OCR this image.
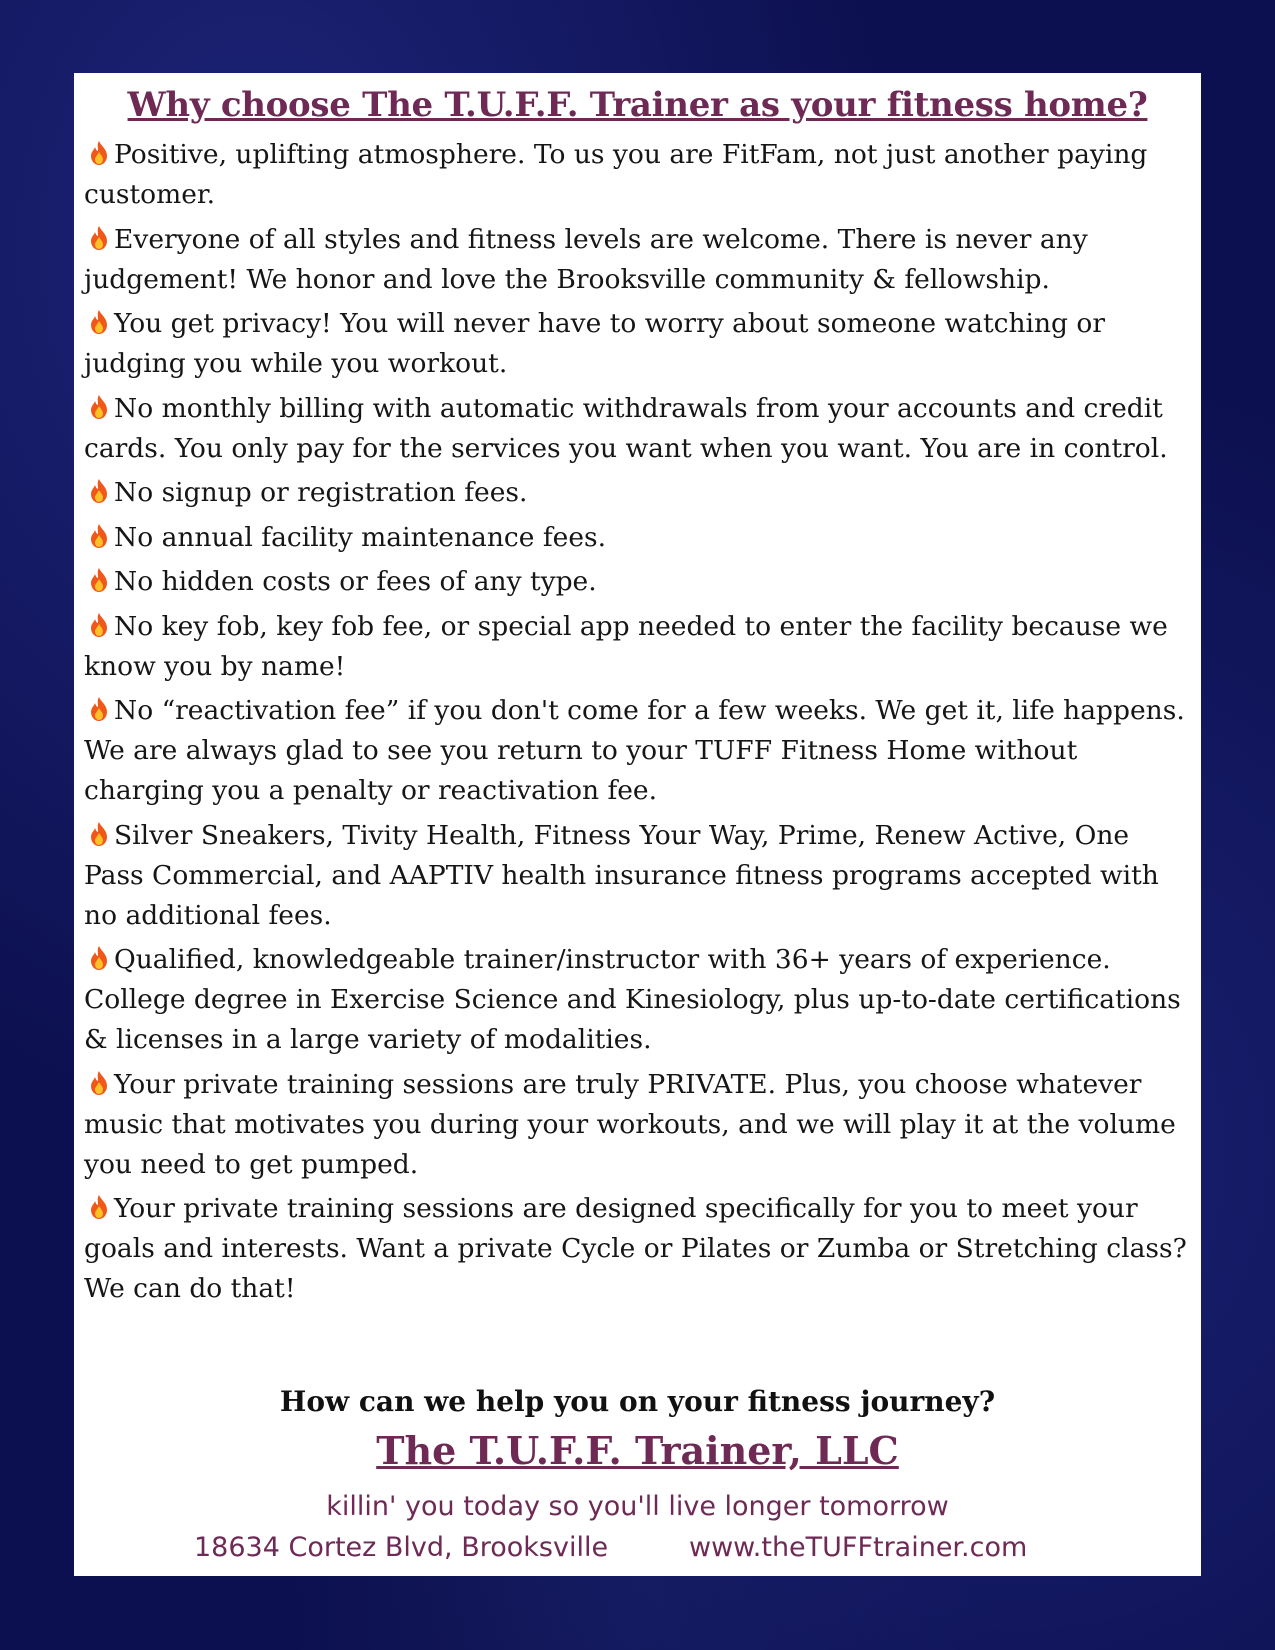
Why choose The T.U.F.F. Trainer as your fitness home?
Positive, uplifting atmosphere. To us you are FitFam, not just another paying customer.
Everyone of all styles and fitness levels are welcome. There is never any judgement! We honor and love the Brooksville community & fellowship.
You get privacy! You will never have to worry about someone watching or judging you while you workout.
No monthly billing with automatic withdrawals from your accounts and credit cards. You only pay for the services you want when you want. You are in control.
No signup or registration fees.
No annual facility maintenance fees.
No hidden costs or fees of any type.
No key fob, key fob fee, or special app needed to enter the facility because we know you by name!
No “reactivation fee” if you don't come for a few weeks. We get it, life happens. We are always glad to see you return to your TUFF Fitness Home without charging you a penalty or reactivation fee.
Silver Sneakers, Tivity Health, Fitness Your Way, Prime, Renew Active, One Pass Commercial, and AAPTIV health insurance fitness programs accepted with no additional fees.
Qualified, knowledgeable trainer/instructor with 36+ years of experience. College degree in Exercise Science and Kinesiology, plus up-to-date certifications & licenses in a large variety of modalities.
Your private training sessions are truly PRIVATE. Plus, you choose whatever music that motivates you during your workouts, and we will play it at the volume you need to get pumped.
Your private training sessions are designed specifically for you to meet your goals and interests. Want a private Cycle or Pilates or Zumba or Stretching class? We can do that!
How can we help you on your fitness journey?
The T.U.F.F. Trainer, LLC
killin' you today so you'll live longer tomorrow
18634 Cortez Blvd, Brooksville	www.theTUFFtrainer.com
